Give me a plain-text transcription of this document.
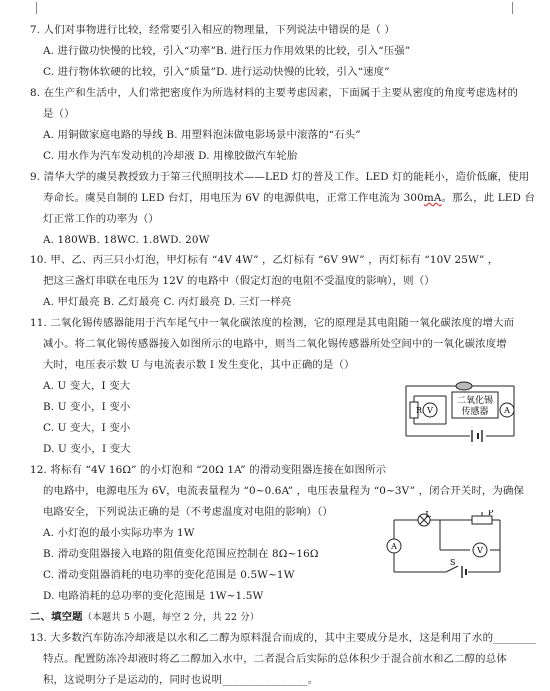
7. 人们对事物进行比较，经常要引入相应的物理量，下列说法中错误的是（ ）
A. 进行做功快慢的比较，引入“功率”B. 进行压力作用效果的比较，引入“压强”
C. 进行物体软硬的比较，引入“质量”D. 进行运动快慢的比较，引入“速度”
8. 在生产和生活中，人们常把密度作为所选材料的主要考虑因素，下面属于主要从密度的角度考虑选材的
是（）
A. 用铜做家庭电路的导线 B. 用塑料泡沫做电影场景中滚落的“石头”
C. 用水作为汽车发动机的冷却液 D. 用橡胶做汽车轮胎
9. 清华大学的虞昊教授致力于第三代照明技术——LED 灯的普及工作。LED 灯的能耗小，造价低廉，使用
寿命长。虞昊自制的 LED 台灯，用电压为 6V 的电源供电，正常工作电流为 300mA。那么，此 LED 台
灯正常工作的功率为（）
A. 180WB. 18WC. 1.8WD. 20W
10. 甲、乙、丙三只小灯泡，甲灯标有 “4V 4W” ，乙灯标有 “6V 9W” ，丙灯标有 “10V 25W” ，
把这三盏灯串联在电压为 12V 的电路中（假定灯泡的电阻不受温度的影响），则（）
A. 甲灯最亮 B. 乙灯最亮 C. 丙灯最亮 D. 三灯一样亮
11. 二氧化锡传感器能用于汽车尾气中一氧化碳浓度的检测，它的原理是其电阻随一氧化碳浓度的增大而
减小。将二氧化锡传感器接入如图所示的电路中，则当二氧化锡传感器所处空间中的一氧化碳浓度增
大时，电压表示数 U 与电流表示数 I 发生变化，其中正确的是（）
A. U 变大，I 变大
B. U 变小，I 变小
C. U 变大，I 变小
D. U 变小，I 变大
R V	A
二氧化锡
传感器
12. 将标有 “4V 16Ω” 的小灯泡和 “20Ω 1A” 的滑动变阻器连接在如图所示
的电路中，电源电压为 6V，电流表量程为 “0~0.6A” ，电压表量程为 “0~3V” ，闭合开关时，为确保
电路安全，下列说法正确的是（不考虑温度对电阻的影响）（）
A. 小灯泡的最小实际功率为 1W
B. 滑动变阻器接入电路的阻值变化范围应控制在 8Ω~16Ω
C. 滑动变阻器消耗的电功率的变化范围是 0.5W~1W
D. 电路消耗的总功率的变化范围是 1W~1.5W
L	P
A	V
S
二、填空题（本题共 5 小题，每空 2 分，共 22 分）
13. 大多数汽车防冻冷却液是以水和乙二醇为原料混合而成的，其中主要成分是水，这是利用了水的________
特点。配置防冻冷却液时将乙二醇加入水中，二者混合后实际的总体积少于混合前水和乙二醇的总体
积，这说明分子是运动的，同时也说明________________。
